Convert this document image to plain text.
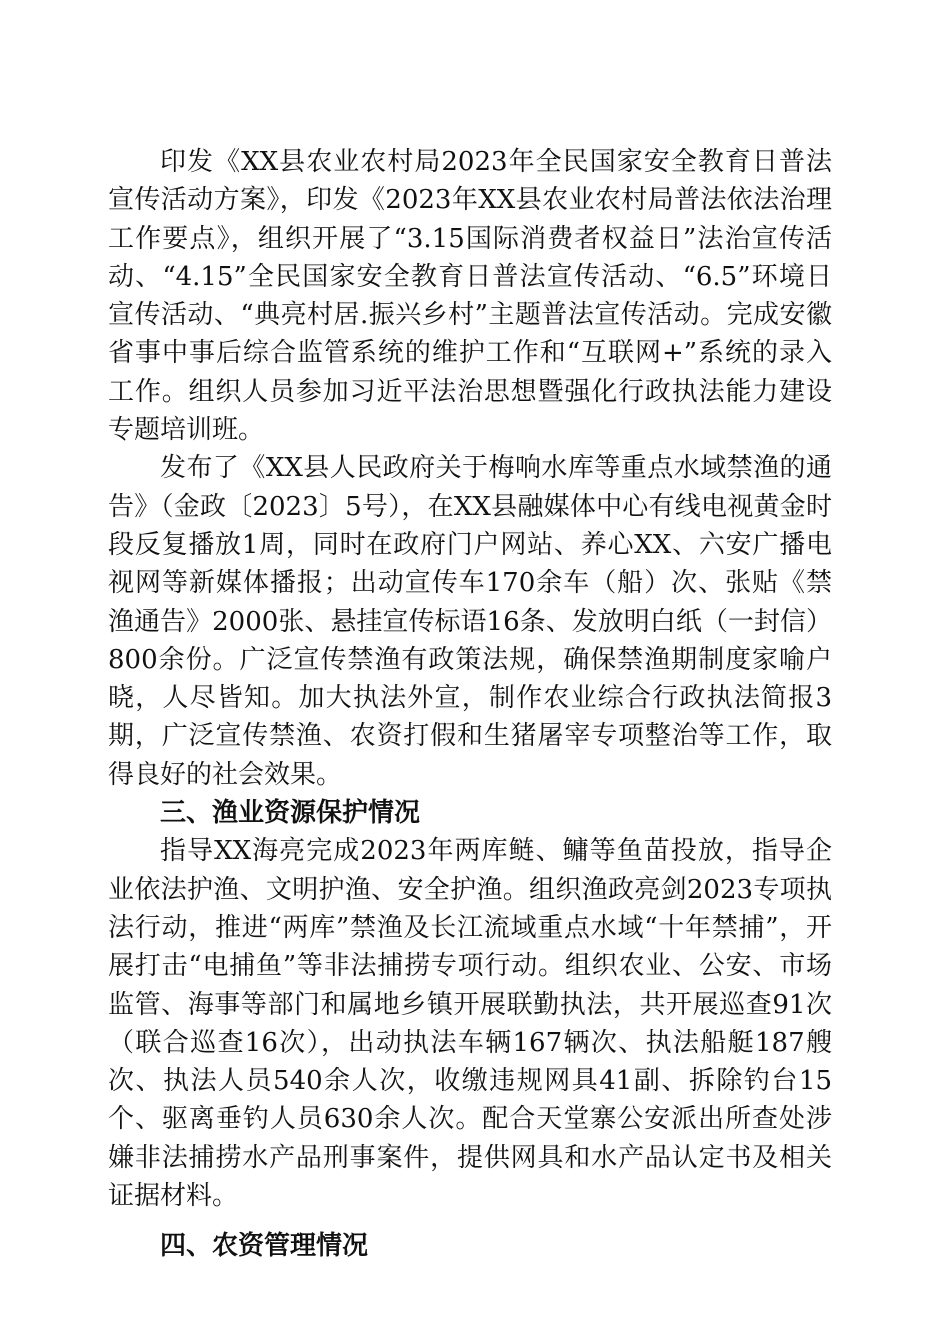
印发《XX县农业农村局2023年全民国家安全教育日普法宣传活动方案》，印发《2023年XX县农业农村局普法依法治理工作要点》，组织开展了“3.15国际消费者权益日”法治宣传活动、“4.15”全民国家安全教育日普法宣传活动、“6.5”环境日宣传活动、“典亮村居.振兴乡村”主题普法宣传活动。完成安徽省事中事后综合监管系统的维护工作和“互联网+”系统的录入工作。组织人员参加习近平法治思想暨强化行政执法能力建设专题培训班。

发布了《XX县人民政府关于梅响水库等重点水域禁渔的通告》（金政〔2023〕5号），在XX县融媒体中心有线电视黄金时段反复播放1周，同时在政府门户网站、养心XX、六安广播电视网等新媒体播报；出动宣传车170余车（船）次、张贴《禁渔通告》2000张、悬挂宣传标语16条、发放明白纸（一封信）800余份。广泛宣传禁渔有政策法规，确保禁渔期制度家喻户晓，人尽皆知。加大执法外宣，制作农业综合行政执法简报3期，广泛宣传禁渔、农资打假和生猪屠宰专项整治等工作，取得良好的社会效果。

三、渔业资源保护情况

指导XX海亮完成2023年两库鲢、鳙等鱼苗投放，指导企业依法护渔、文明护渔、安全护渔。组织渔政亮剑2023专项执法行动，推进“两库”禁渔及长江流域重点水域“十年禁捕”，开展打击“电捕鱼”等非法捕捞专项行动。组织农业、公安、市场监管、海事等部门和属地乡镇开展联勤执法，共开展巡查91次（联合巡查16次），出动执法车辆167辆次、执法船艇187艘次、执法人员540余人次，收缴违规网具41副、拆除钓台15个、驱离垂钓人员630余人次。配合天堂寨公安派出所查处涉嫌非法捕捞水产品刑事案件，提供网具和水产品认定书及相关证据材料。

四、农资管理情况
